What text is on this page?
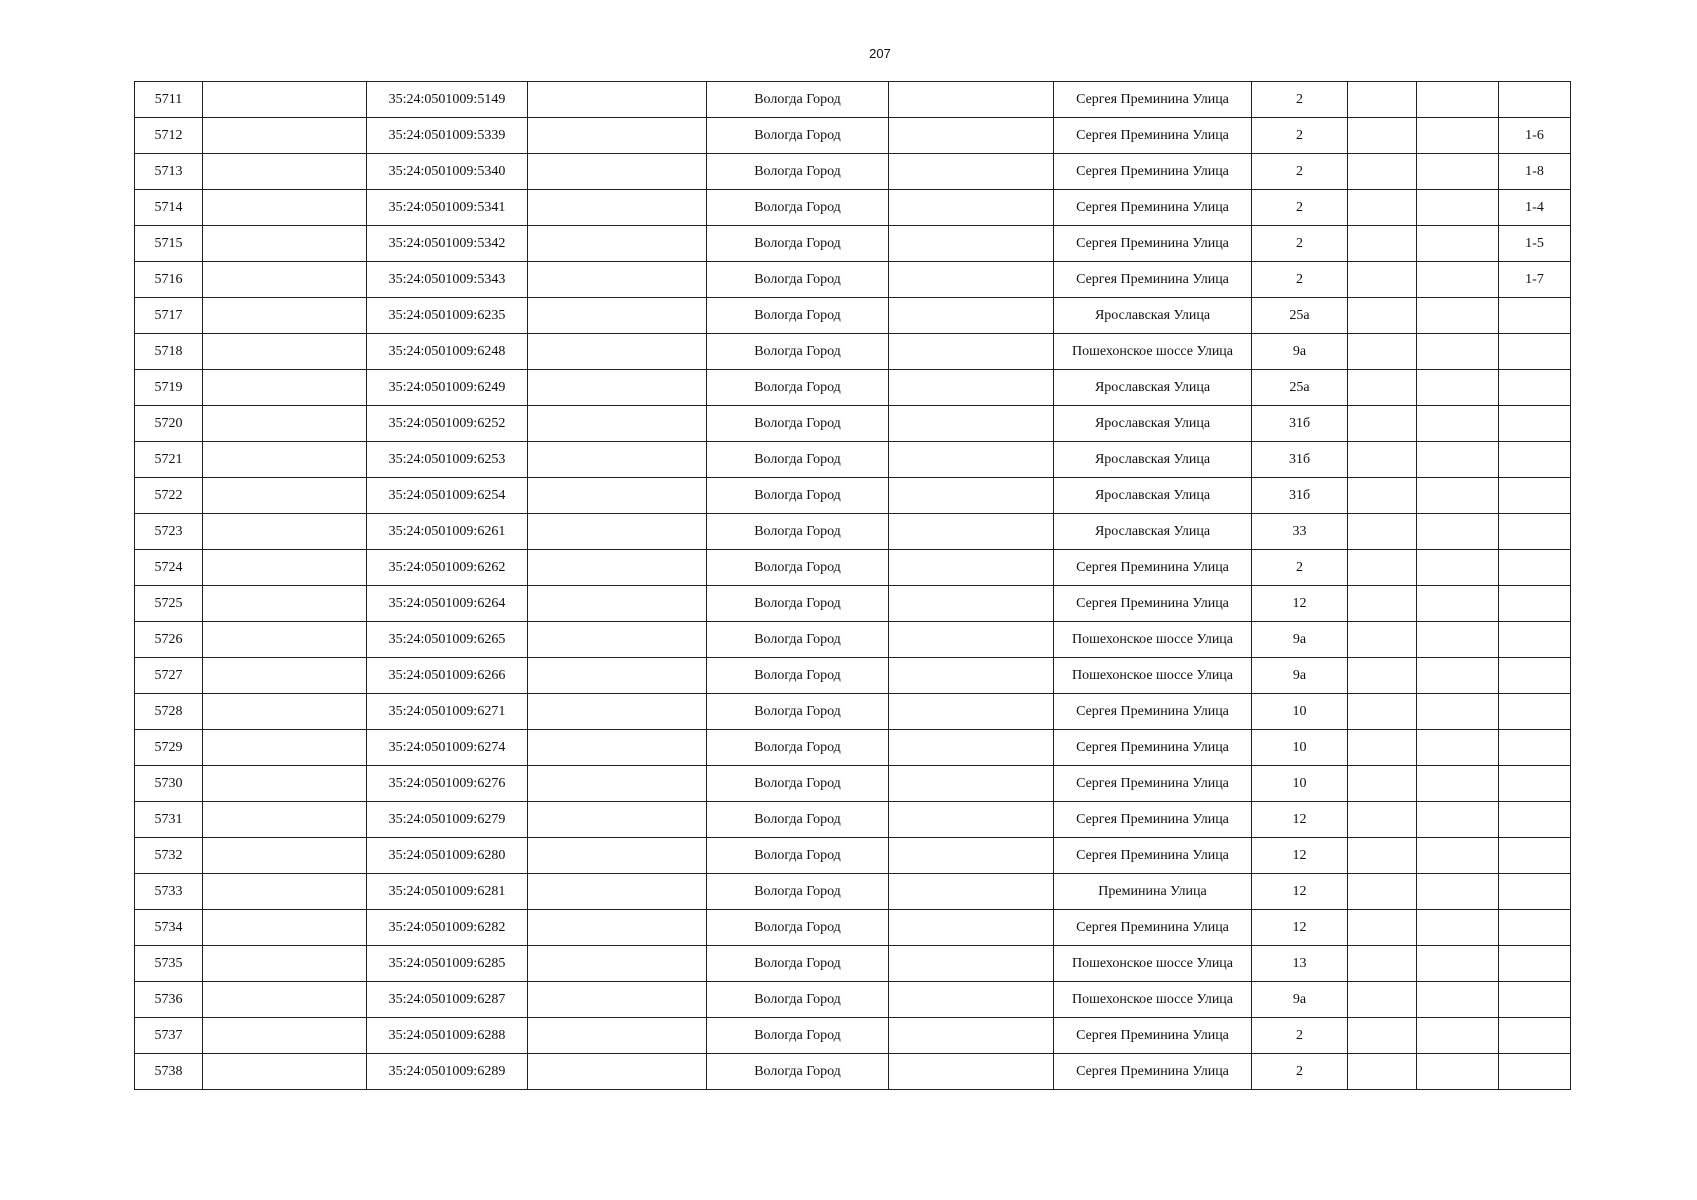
207
5711		35:24:0501009:5149		Вологда Город		Сергея Преминина Улица	2			
5712		35:24:0501009:5339		Вологда Город		Сергея Преминина Улица	2			1-6
5713		35:24:0501009:5340		Вологда Город		Сергея Преминина Улица	2			1-8
5714		35:24:0501009:5341		Вологда Город		Сергея Преминина Улица	2			1-4
5715		35:24:0501009:5342		Вологда Город		Сергея Преминина Улица	2			1-5
5716		35:24:0501009:5343		Вологда Город		Сергея Преминина Улица	2			1-7
5717		35:24:0501009:6235		Вологда Город		Ярославская Улица	25а			
5718		35:24:0501009:6248		Вологда Город		Пошехонское шоссе Улица	9а			
5719		35:24:0501009:6249		Вологда Город		Ярославская Улица	25а			
5720		35:24:0501009:6252		Вологда Город		Ярославская Улица	31б			
5721		35:24:0501009:6253		Вологда Город		Ярославская Улица	31б			
5722		35:24:0501009:6254		Вологда Город		Ярославская Улица	31б			
5723		35:24:0501009:6261		Вологда Город		Ярославская Улица	33			
5724		35:24:0501009:6262		Вологда Город		Сергея Преминина Улица	2			
5725		35:24:0501009:6264		Вологда Город		Сергея Преминина Улица	12			
5726		35:24:0501009:6265		Вологда Город		Пошехонское шоссе Улица	9а			
5727		35:24:0501009:6266		Вологда Город		Пошехонское шоссе Улица	9а			
5728		35:24:0501009:6271		Вологда Город		Сергея Преминина Улица	10			
5729		35:24:0501009:6274		Вологда Город		Сергея Преминина Улица	10			
5730		35:24:0501009:6276		Вологда Город		Сергея Преминина Улица	10			
5731		35:24:0501009:6279		Вологда Город		Сергея Преминина Улица	12			
5732		35:24:0501009:6280		Вологда Город		Сергея Преминина Улица	12			
5733		35:24:0501009:6281		Вологда Город		Преминина Улица	12			
5734		35:24:0501009:6282		Вологда Город		Сергея Преминина Улица	12			
5735		35:24:0501009:6285		Вологда Город		Пошехонское шоссе Улица	13			
5736		35:24:0501009:6287		Вологда Город		Пошехонское шоссе Улица	9а			
5737		35:24:0501009:6288		Вологда Город		Сергея Преминина Улица	2			
5738		35:24:0501009:6289		Вологда Город		Сергея Преминина Улица	2			
